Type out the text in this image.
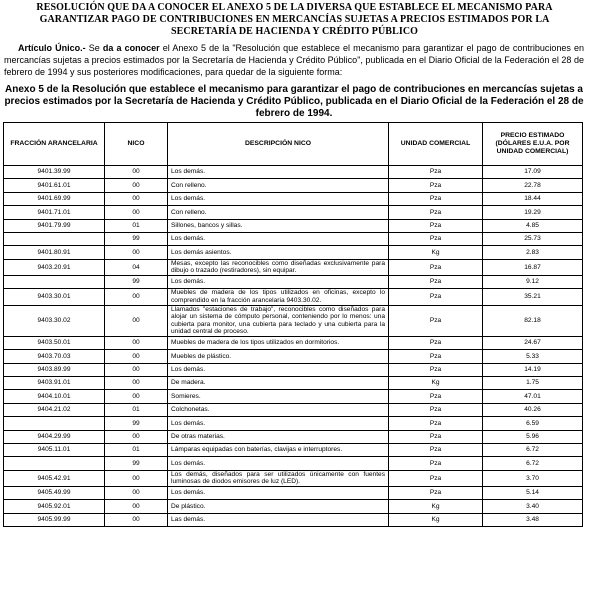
RESOLUCIÓN QUE DA A CONOCER EL ANEXO 5 DE LA DIVERSA QUE ESTABLECE EL MECANISMO PARA GARANTIZAR PAGO DE CONTRIBUCIONES EN MERCANCÍAS SUJETAS A PRECIOS ESTIMADOS POR LA SECRETARÍA DE HACIENDA Y CRÉDITO PÚBLICO
Artículo Único.- Se da a conocer el Anexo 5 de la "Resolución que establece el mecanismo para garantizar el pago de contribuciones en mercancías sujetas a precios estimados por la Secretaría de Hacienda y Crédito Público", publicada en el Diario Oficial de la Federación el 28 de febrero de 1994 y sus posteriores modificaciones, para quedar de la siguiente forma:
Anexo 5 de la Resolución que establece el mecanismo para garantizar el pago de contribuciones en mercancías sujetas a precios estimados por la Secretaría de Hacienda y Crédito Público, publicada en el Diario Oficial de la Federación el 28 de febrero de 1994.
FRACCIÓN ARANCELARIA	NICO	DESCRIPCIÓN NICO	UNIDAD COMERCIAL	PRECIO ESTIMADO (DÓLARES E.U.A. POR UNIDAD COMERCIAL)
9401.39.99	00	Los demás.	Pza	17.09
9401.61.01	00	Con relleno.	Pza	22.78
9401.69.99	00	Los demás.	Pza	18.44
9401.71.01	00	Con relleno.	Pza	19.29
9401.79.99	01	Sillones, bancos y sillas.	Pza	4.85
	99	Los demás.	Pza	25.73
9401.80.91	00	Los demás asientos.	Kg	2.83
9403.20.91	04	Mesas, excepto las reconocibles como diseñadas exclusivamente para dibujo o trazado (restiradores), sin equipar.	Pza	16.87
	99	Los demás.	Pza	9.12
9403.30.01	00	Muebles de madera de los tipos utilizados en oficinas, excepto lo comprendido en la fracción arancelaria 9403.30.02.	Pza	35.21
9403.30.02	00	Llamados "estaciones de trabajo", reconocibles como diseñados para alojar un sistema de cómputo personal, conteniendo por lo menos: una cubierta para monitor, una cubierta para teclado y una cubierta para la unidad central de proceso.	Pza	82.18
9403.50.01	00	Muebles de madera de los tipos utilizados en dormitorios.	Pza	24.67
9403.70.03	00	Muebles de plástico.	Pza	5.33
9403.89.99	00	Los demás.	Pza	14.19
9403.91.01	00	De madera.	Kg	1.75
9404.10.01	00	Somieres.	Pza	47.01
9404.21.02	01	Colchonetas.	Pza	40.26
	99	Los demás.	Pza	6.59
9404.29.99	00	De otras materias.	Pza	5.96
9405.11.01	01	Lámparas equipadas con baterías, clavijas e interruptores.	Pza	6.72
	99	Los demás.	Pza	6.72
9405.42.91	00	Los demás, diseñados para ser utilizados únicamente con fuentes luminosas de diodos emisores de luz (LED).	Pza	3.70
9405.49.99	00	Los demás.	Pza	5.14
9405.92.01	00	De plástico.	Kg	3.40
9405.99.99	00	Las demás.	Kg	3.48
